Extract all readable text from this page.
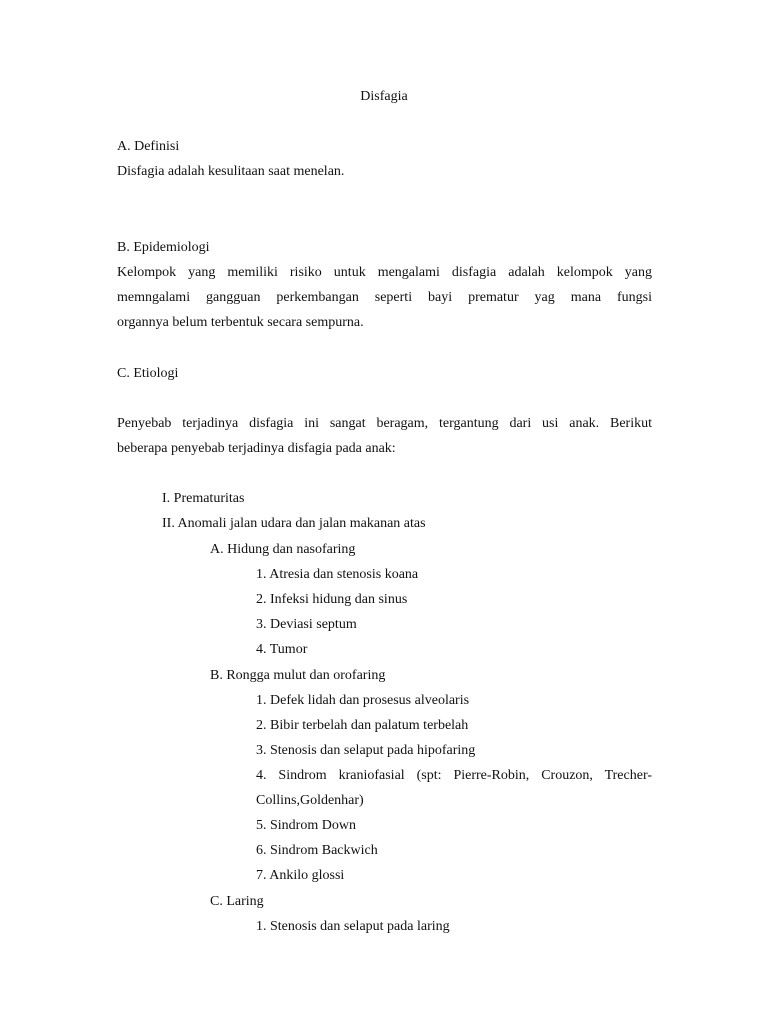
Disfagia
A. Definisi
Disfagia adalah kesulitaan saat menelan.
B. Epidemiologi
Kelompok yang memiliki risiko untuk mengalami disfagia adalah kelompok yang
memngalami gangguan perkembangan seperti bayi prematur yag mana fungsi
organnya belum terbentuk secara sempurna.
C. Etiologi
Penyebab terjadinya disfagia ini sangat beragam, tergantung dari usi anak. Berikut
beberapa penyebab terjadinya disfagia pada anak:
I. Prematuritas
II. Anomali jalan udara dan jalan makanan atas
A. Hidung dan nasofaring
1. Atresia dan stenosis koana
2. Infeksi hidung dan sinus
3. Deviasi septum
4. Tumor
B. Rongga mulut dan orofaring
1. Defek lidah dan prosesus alveolaris
2. Bibir terbelah dan palatum terbelah
3. Stenosis dan selaput pada hipofaring
4. Sindrom kraniofasial (spt: Pierre-Robin, Crouzon, Trecher-
Collins,Goldenhar)
5. Sindrom Down
6. Sindrom Backwich
7. Ankilo glossi
C. Laring
1. Stenosis dan selaput pada laring
